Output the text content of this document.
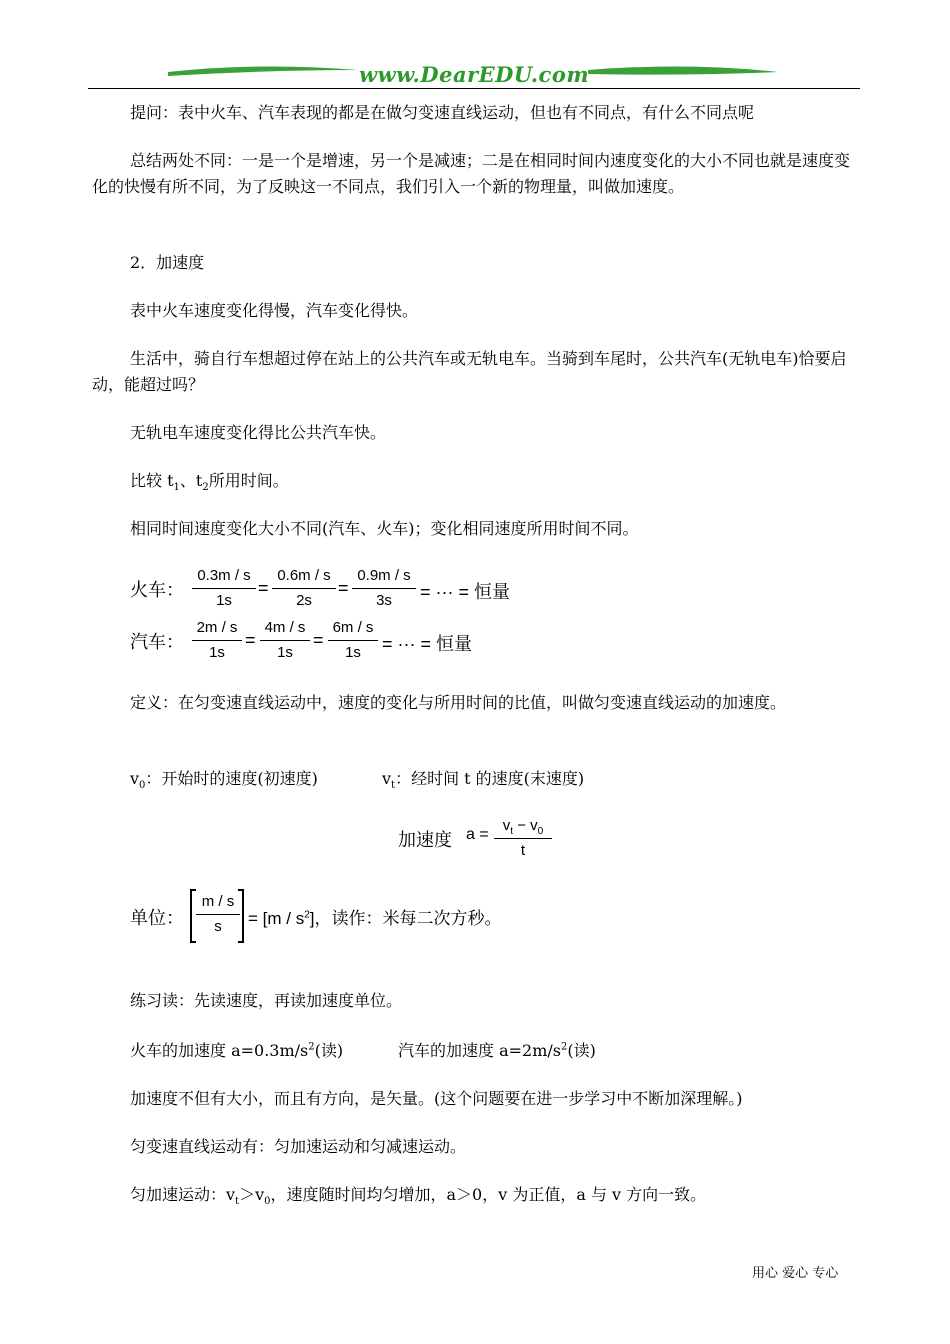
www.DearEDU.com
提问：表中火车、汽车表现的都是在做匀变速直线运动，但也有不同点，有什么不同点呢
总结两处不同：一是一个是增速，另一个是减速；二是在相同时间内速度变化的大小不同也就是速度变化的快慢有所不同，为了反映这一不同点，我们引入一个新的物理量，叫做加速度。
2．加速度
表中火车速度变化得慢，汽车变化得快。
生活中，骑自行车想超过停在站上的公共汽车或无轨电车。当骑到车尾时，公共汽车(无轨电车)恰要启动，能超过吗？
无轨电车速度变化得比公共汽车快。
比较 $t_1$、$t_2$所用时间。
相同时间速度变化大小不同(汽车、火车)；变化相同速度所用时间不同。
火车：
0.3m / s
1s
=
0.6m / s
2s
=
0.9m / s
3s	= ··· = 恒量
汽车：
2m / s
1s
=
4m / s
1s
=
6m / s
1s	= ··· = 恒量
定义：在匀变速直线运动中，速度的变化与所用时间的比值，叫做匀变速直线运动的加速度。
$v_0$：开始时的速度(初速度)	$v_t$：经时间 t 的速度(末速度)
加速度 a =
$v_t - v_0$
t
单位：
m / s
s	= $[m / s^2]$，读作：米每二次方秒。
练习读：先读速度，再读加速度单位。
火车的加速度 $a=0.3m/s^2$(读)	汽车的加速度 $a=2m/s^2$(读)
加速度不但有大小，而且有方向，是矢量。(这个问题要在进一步学习中不断加深理解。)
匀变速直线运动有：匀加速运动和匀减速运动。
匀加速运动：$v_t>v_0$，速度随时间均匀增加，a＞0，v 为正值，a 与 v 方向一致。
用心 爱心 专心
